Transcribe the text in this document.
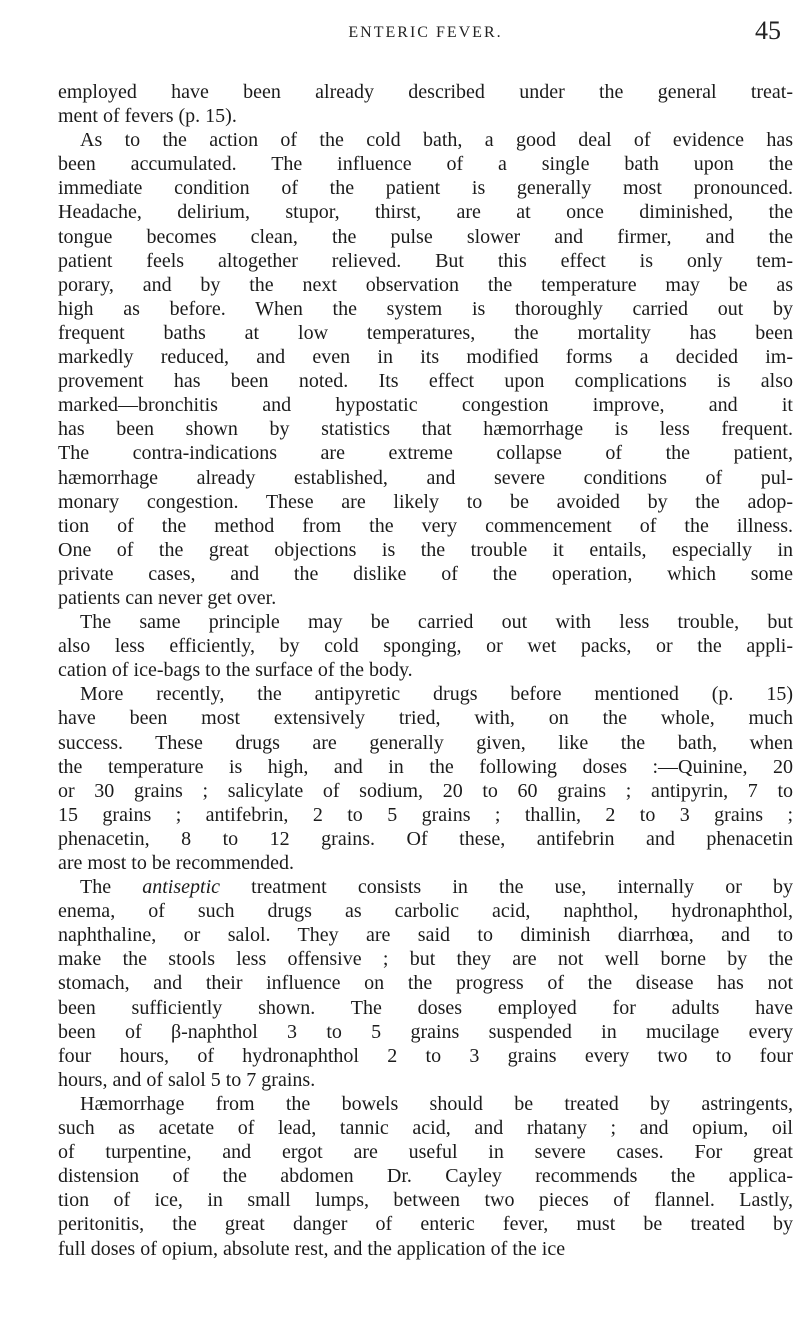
ENTERIC FEVER.	45
employed have been already described under the general treat-
ment of fevers (p. 15).
As to the action of the cold bath, a good deal of evidence has
been accumulated. The influence of a single bath upon the
immediate condition of the patient is generally most pronounced.
Headache, delirium, stupor, thirst, are at once diminished, the
tongue becomes clean, the pulse slower and firmer, and the
patient feels altogether relieved. But this effect is only tem-
porary, and by the next observation the temperature may be as
high as before. When the system is thoroughly carried out by
frequent baths at low temperatures, the mortality has been
markedly reduced, and even in its modified forms a decided im-
provement has been noted. Its effect upon complications is also
marked—bronchitis and hypostatic congestion improve, and it
has been shown by statistics that hæmorrhage is less frequent.
The contra-indications are extreme collapse of the patient,
hæmorrhage already established, and severe conditions of pul-
monary congestion. These are likely to be avoided by the adop-
tion of the method from the very commencement of the illness.
One of the great objections is the trouble it entails, especially in
private cases, and the dislike of the operation, which some
patients can never get over.
The same principle may be carried out with less trouble, but
also less efficiently, by cold sponging, or wet packs, or the appli-
cation of ice-bags to the surface of the body.
More recently, the antipyretic drugs before mentioned (p. 15)
have been most extensively tried, with, on the whole, much
success. These drugs are generally given, like the bath, when
the temperature is high, and in the following doses :—Quinine, 20
or 30 grains ; salicylate of sodium, 20 to 60 grains ; antipyrin, 7 to
15 grains ; antifebrin, 2 to 5 grains ; thallin, 2 to 3 grains ;
phenacetin, 8 to 12 grains. Of these, antifebrin and phenacetin
are most to be recommended.
The antiseptic treatment consists in the use, internally or by
enema, of such drugs as carbolic acid, naphthol, hydronaphthol,
naphthaline, or salol. They are said to diminish diarrhœa, and to
make the stools less offensive ; but they are not well borne by the
stomach, and their influence on the progress of the disease has not
been sufficiently shown. The doses employed for adults have
been of β-naphthol 3 to 5 grains suspended in mucilage every
four hours, of hydronaphthol 2 to 3 grains every two to four
hours, and of salol 5 to 7 grains.
Hæmorrhage from the bowels should be treated by astringents,
such as acetate of lead, tannic acid, and rhatany ; and opium, oil
of turpentine, and ergot are useful in severe cases. For great
distension of the abdomen Dr. Cayley recommends the applica-
tion of ice, in small lumps, between two pieces of flannel. Lastly,
peritonitis, the great danger of enteric fever, must be treated by
full doses of opium, absolute rest, and the application of the ice
